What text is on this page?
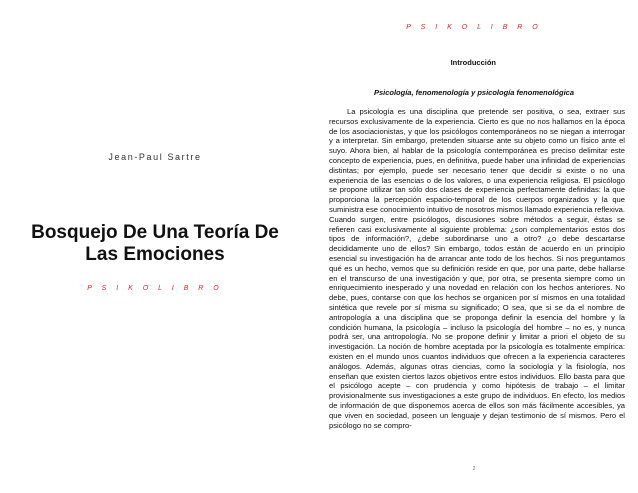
Jean-Paul Sartre
Bosquejo De Una Teoría De Las Emociones
P S I K O L I B R O
P S I K O L I B R O
Introducción
Psicología, fenomenología y psicología fenomenológica

La psicología es una disciplina que pretende ser positiva, o sea, extraer sus recursos exclusivamente de la experiencia. Cierto es que no nos hallamos en la época de los asociacionistas, y que los psicólogos contemporáneos no se niegan a interrogar y a interpretar. Sin embargo, pretenden situarse ante su objeto como un físico ante el suyo. Ahora bien, al hablar de la psicología contemporánea es preciso delimitar este concepto de experiencia, pues, en definitiva, puede haber una infinidad de experiencias distintas; por ejemplo, puede ser necesario tener que decidir si existe o no una experiencia de las esencias o de los valores, o una experiencia religiosa. El psicólogo se propone utilizar tan sólo dos clases de experiencia perfectamente definidas: la que proporciona la percepción espacio-temporal de los cuerpos organizados y la que suministra ese conocimiento intuitivo de nosotros mismos llamado experiencia reflexiva. Cuando surgen, entre psicólogos, discusiones sobre métodos a seguir, éstas se refieren casi exclusivamente al siguiente problema: ¿son complementarios estos dos tipos de información?, ¿debe subordinarse uno a otro? ¿o debe descartarse decididamente uno de ellos? Sin embargo, todos están de acuerdo en un principio esencial su investigación ha de arrancar ante todo de los hechos. Si nos preguntamos qué es un hecho, vemos que su definición reside en que, por una parte, debe hallarse en el transcurso de una investigación y que, por otra, se presenta siempre como un enriquecimiento inesperado y una novedad en relación con los hechos anteriores. No debe, pues, contarse con que los hechos se organicen por sí mismos en una totalidad sintética que revele por sí misma su significado; O sea, que si se da el nombre de antropología a una disciplina que se proponga definir la esencia del hombre y la condición humana, la psicología – incluso la psicología del hombre – no es, y nunca podrá ser, una antropología. No se propone definir y limitar a priori el objeto de su investigación. La noción de hombre aceptada por la psicología es totalmente empírica: existen en el mundo unos cuantos individuos que ofrecen a la experiencia caracteres análogos. Además, algunas otras ciencias, como la sociología y la fisiología, nos enseñan que existen ciertos lazos objetivos entre estos individuos. Ello basta para que el psicólogo acepte – con prudencia y como hipótesis de trabajo – el limitar provisionalmente sus investigaciones a este grupo de individuos. En efecto, los medios de información de que disponemos acerca de ellos son más fácilmente accesibles, ya que viven en sociedad, poseen un lenguaje y dejan testimonio de sí mismos. Pero el psicólogo no se compro-

2
